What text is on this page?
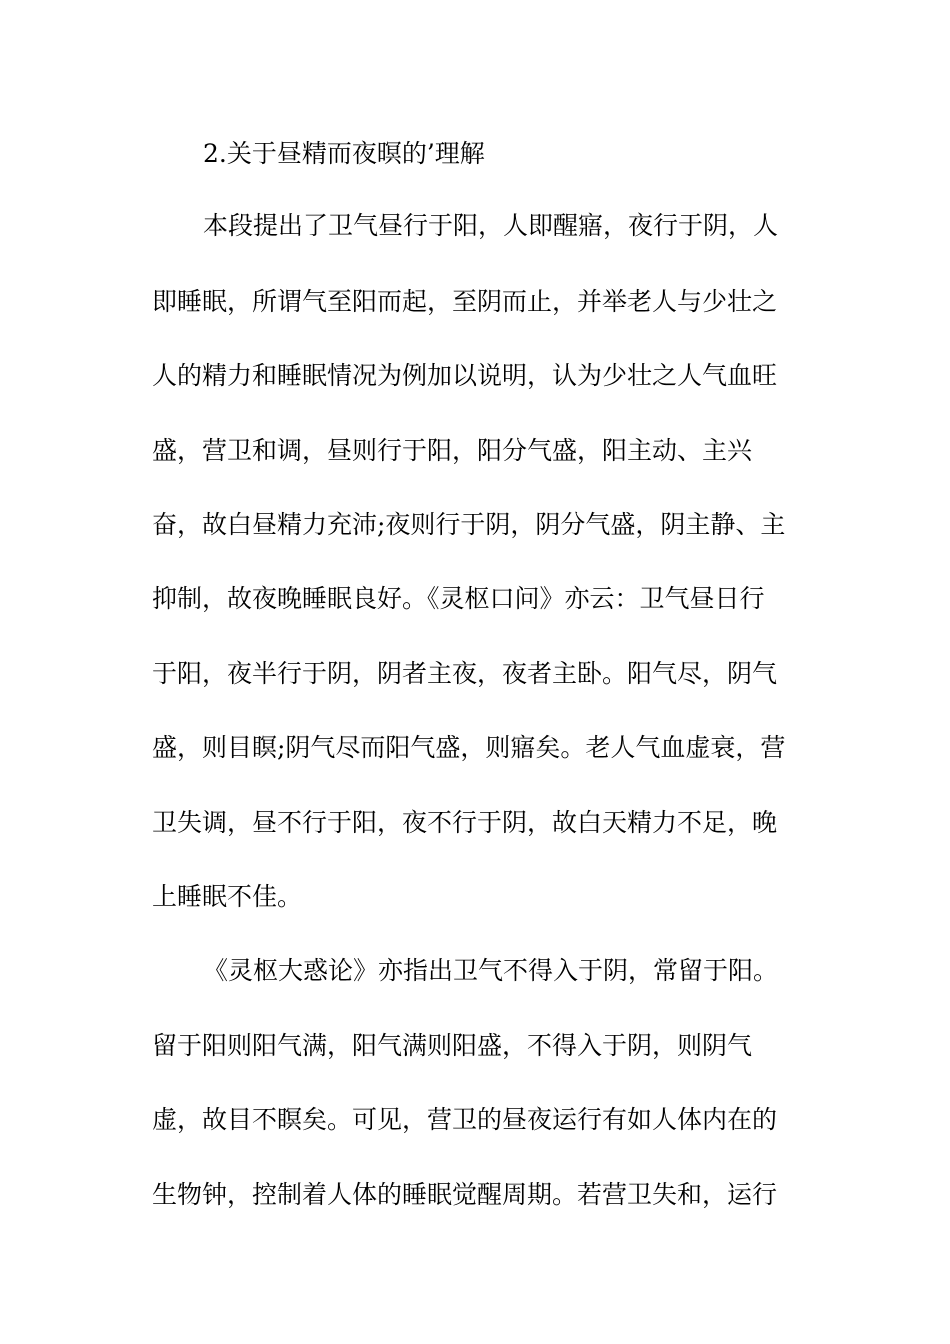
2.关于昼精而夜暝的’理解
本段提出了卫气昼行于阳，人即醒寤，夜行于阴，人
即睡眠，所谓气至阳而起，至阴而止，并举老人与少壮之
人的精力和睡眠情况为例加以说明，认为少壮之人气血旺
盛，营卫和调，昼则行于阳，阳分气盛，阳主动、主兴
奋，故白昼精力充沛;夜则行于阴，阴分气盛，阴主静、主
抑制，故夜晚睡眠良好。《灵枢口问》亦云：卫气昼日行
于阳，夜半行于阴，阴者主夜，夜者主卧。阳气尽，阴气
盛，则目瞑;阴气尽而阳气盛，则寤矣。老人气血虚衰，营
卫失调，昼不行于阳，夜不行于阴，故白天精力不足，晚
上睡眠不佳。
《灵枢大惑论》亦指出卫气不得入于阴，常留于阳。
留于阳则阳气满，阳气满则阳盛，不得入于阴，则阴气
虚，故目不瞑矣。可见，营卫的昼夜运行有如人体内在的
生物钟，控制着人体的睡眠觉醒周期。若营卫失和，运行
